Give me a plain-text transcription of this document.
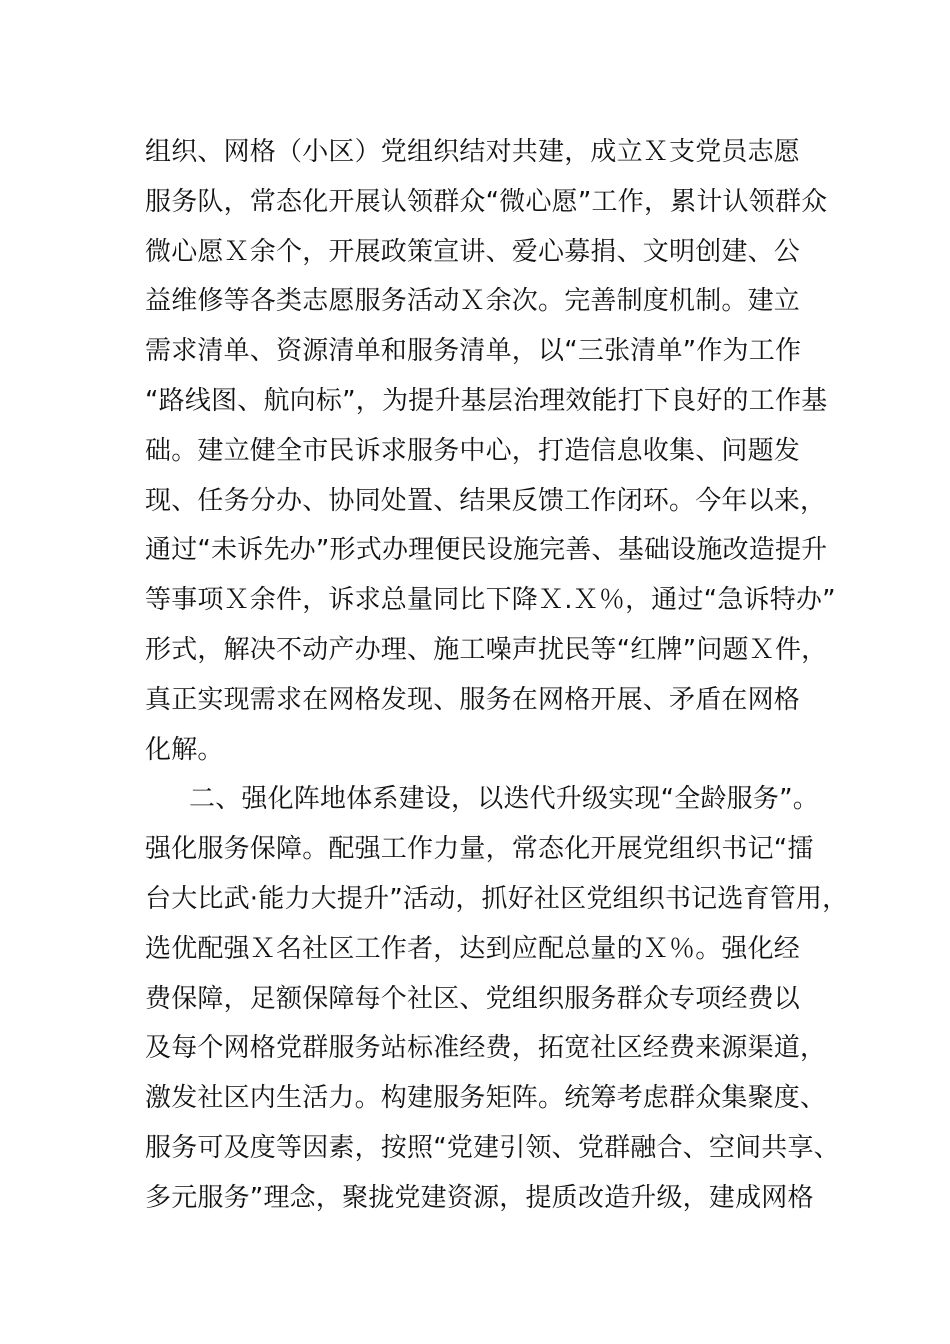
组织、网格（小区）党组织结对共建，成立Ｘ支党员志愿
服务队，常态化开展认领群众“微心愿”工作，累计认领群众
微心愿Ｘ余个，开展政策宣讲、爱心募捐、文明创建、公
益维修等各类志愿服务活动Ｘ余次。完善制度机制。建立
需求清单、资源清单和服务清单，以“三张清单”作为工作
“路线图、航向标”，为提升基层治理效能打下良好的工作基
础。建立健全市民诉求服务中心，打造信息收集、问题发
现、任务分办、协同处置、结果反馈工作闭环。今年以来，
通过“未诉先办”形式办理便民设施完善、基础设施改造提升
等事项Ｘ余件，诉求总量同比下降Ｘ.Ｘ％，通过“急诉特办”
形式，解决不动产办理、施工噪声扰民等“红牌”问题Ｘ件，
真正实现需求在网格发现、服务在网格开展、矛盾在网格
化解。
二、强化阵地体系建设，以迭代升级实现“全龄服务”。
强化服务保障。配强工作力量，常态化开展党组织书记“擂
台大比武·能力大提升”活动，抓好社区党组织书记选育管用，
选优配强Ｘ名社区工作者，达到应配总量的Ｘ％。强化经
费保障，足额保障每个社区、党组织服务群众专项经费以
及每个网格党群服务站标准经费，拓宽社区经费来源渠道，
激发社区内生活力。构建服务矩阵。统筹考虑群众集聚度、
服务可及度等因素，按照“党建引领、党群融合、空间共享、
多元服务”理念，聚拢党建资源，提质改造升级，建成网格
